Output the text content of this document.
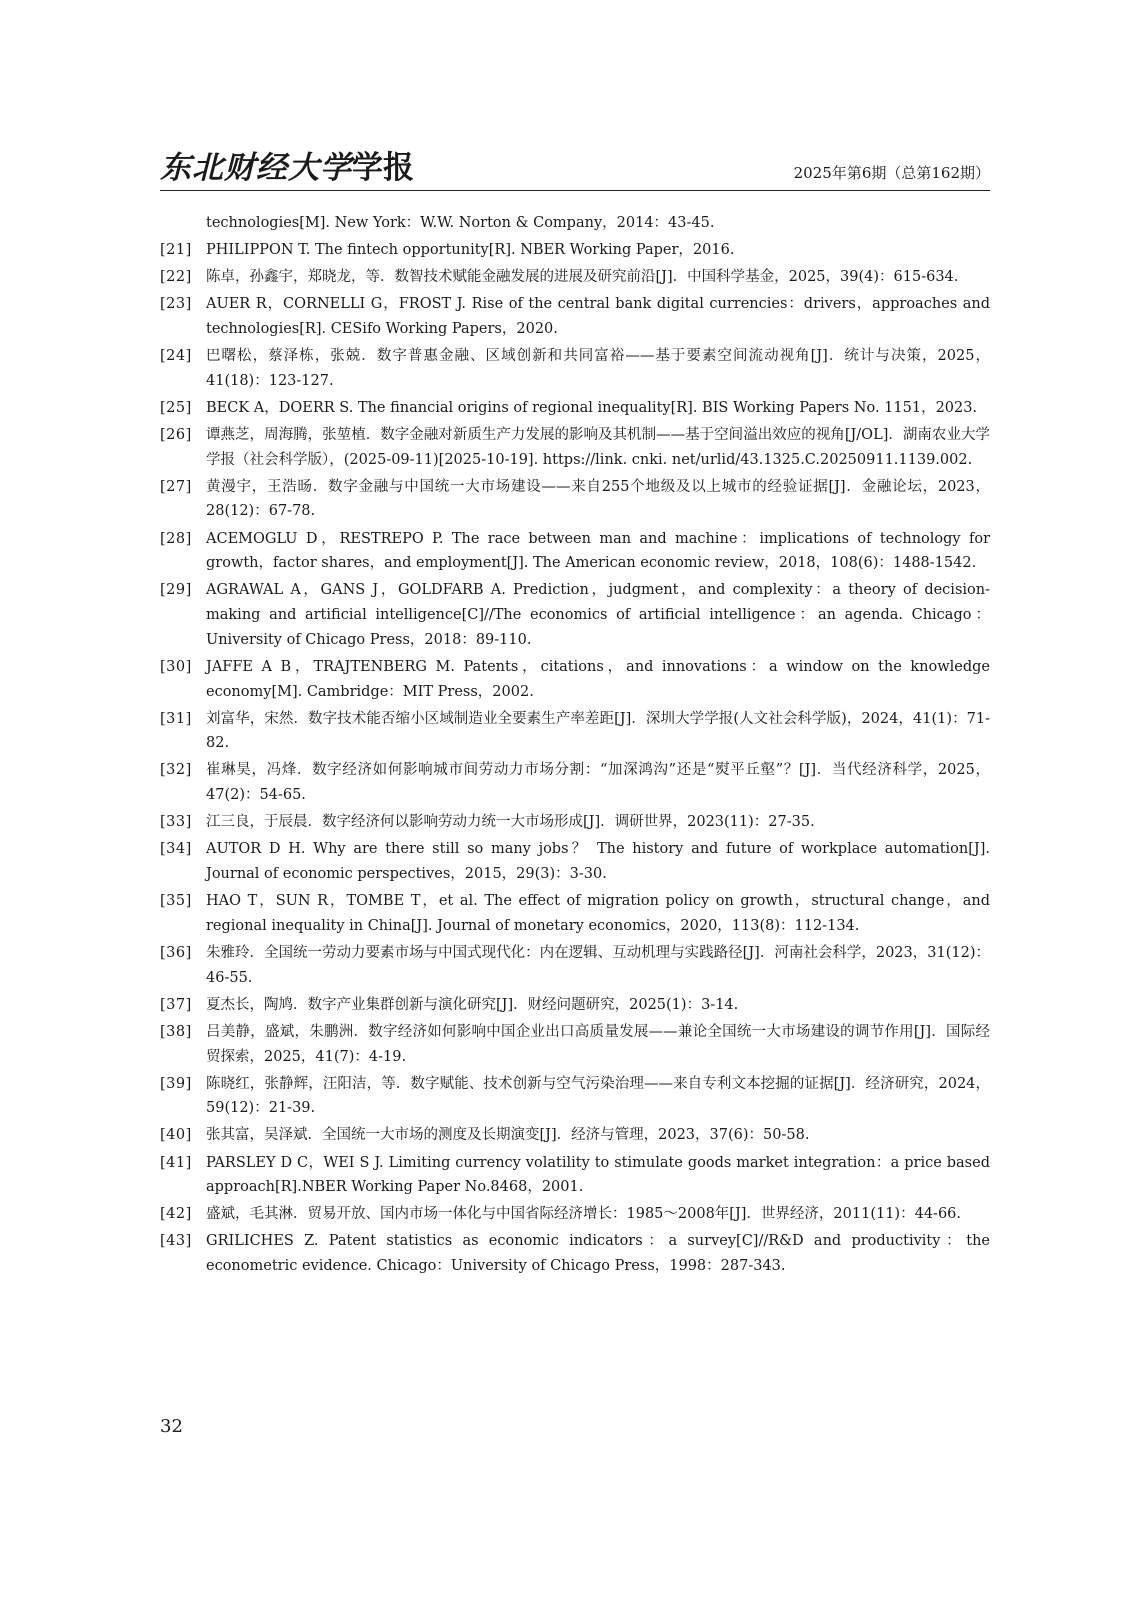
东北财经大学学报	2025年第6期（总第162期）

technologies[M]. New York：W.W. Norton & Company，2014：43-45.

[21] PHILIPPON T. The fintech opportunity[R]. NBER Working Paper，2016.
[22] 陈卓，孙鑫宇，郑晓龙，等．数智技术赋能金融发展的进展及研究前沿[J]．中国科学基金，2025，39(4)：615-634.
[23] AUER R，CORNELLI G，FROST J. Rise of the central bank digital currencies：drivers，approaches and technologies[R]. CESifo Working Papers，2020.
[24] 巴曙松，蔡泽栋，张兢．数字普惠金融、区域创新和共同富裕——基于要素空间流动视角[J]．统计与决策，2025，41(18)：123-127.
[25] BECK A，DOERR S. The financial origins of regional inequality[R]. BIS Working Papers No. 1151，2023.
[26] 谭燕芝，周海腾，张堃植．数字金融对新质生产力发展的影响及其机制——基于空间溢出效应的视角[J/OL]．湖南农业大学学报（社会科学版），(2025-09-11)[2025-10-19]. https://link. cnki. net/urlid/43.1325.C.20250911.1139.002.
[27] 黄漫宇，王浩旸．数字金融与中国统一大市场建设——来自255个地级及以上城市的经验证据[J]．金融论坛，2023，28(12)：67-78.
[28] ACEMOGLU D，RESTREPO P. The race between man and machine：implications of technology for growth，factor shares，and employment[J]. The American economic review，2018，108(6)：1488-1542.
[29] AGRAWAL A，GANS J，GOLDFARB A. Prediction，judgment，and complexity：a theory of decision-making and artificial intelligence[C]//The economics of artificial intelligence：an agenda. Chicago：University of Chicago Press，2018：89-110.
[30] JAFFE A B，TRAJTENBERG M. Patents，citations，and innovations：a window on the knowledge economy[M]. Cambridge：MIT Press，2002.
[31] 刘富华，宋然．数字技术能否缩小区域制造业全要素生产率差距[J]．深圳大学学报(人文社会科学版)，2024，41(1)：71-82.
[32] 崔琳昊，冯烽．数字经济如何影响城市间劳动力市场分割：“加深鸿沟”还是“熨平丘壑”？[J]．当代经济科学，2025，47(2)：54-65.
[33] 江三良，于辰晨．数字经济何以影响劳动力统一大市场形成[J]．调研世界，2023(11)：27-35.
[34] AUTOR D H. Why are there still so many jobs？ The history and future of workplace automation[J]. Journal of economic perspectives，2015，29(3)：3-30.
[35] HAO T，SUN R，TOMBE T，et al. The effect of migration policy on growth，structural change，and regional inequality in China[J]. Journal of monetary economics，2020，113(8)：112-134.
[36] 朱雅玲．全国统一劳动力要素市场与中国式现代化：内在逻辑、互动机理与实践路径[J]．河南社会科学，2023，31(12)：46-55.
[37] 夏杰长，陶鸠．数字产业集群创新与演化研究[J]．财经问题研究，2025(1)：3-14.
[38] 吕美静，盛斌，朱鹏洲．数字经济如何影响中国企业出口高质量发展——兼论全国统一大市场建设的调节作用[J]．国际经贸探索，2025，41(7)：4-19.
[39] 陈晓红，张静辉，汪阳洁，等．数字赋能、技术创新与空气污染治理——来自专利文本挖掘的证据[J]．经济研究，2024，59(12)：21-39.
[40] 张其富，吴泽斌．全国统一大市场的测度及长期演变[J]．经济与管理，2023，37(6)：50-58.
[41] PARSLEY D C，WEI S J. Limiting currency volatility to stimulate goods market integration：a price based approach[R].NBER Working Paper No.8468，2001.
[42] 盛斌，毛其淋．贸易开放、国内市场一体化与中国省际经济增长：1985～2008年[J]．世界经济，2011(11)：44-66.
[43] GRILICHES Z. Patent statistics as economic indicators：a survey[C]//R&D and productivity：the econometric evidence. Chicago：University of Chicago Press，1998：287-343.
32
